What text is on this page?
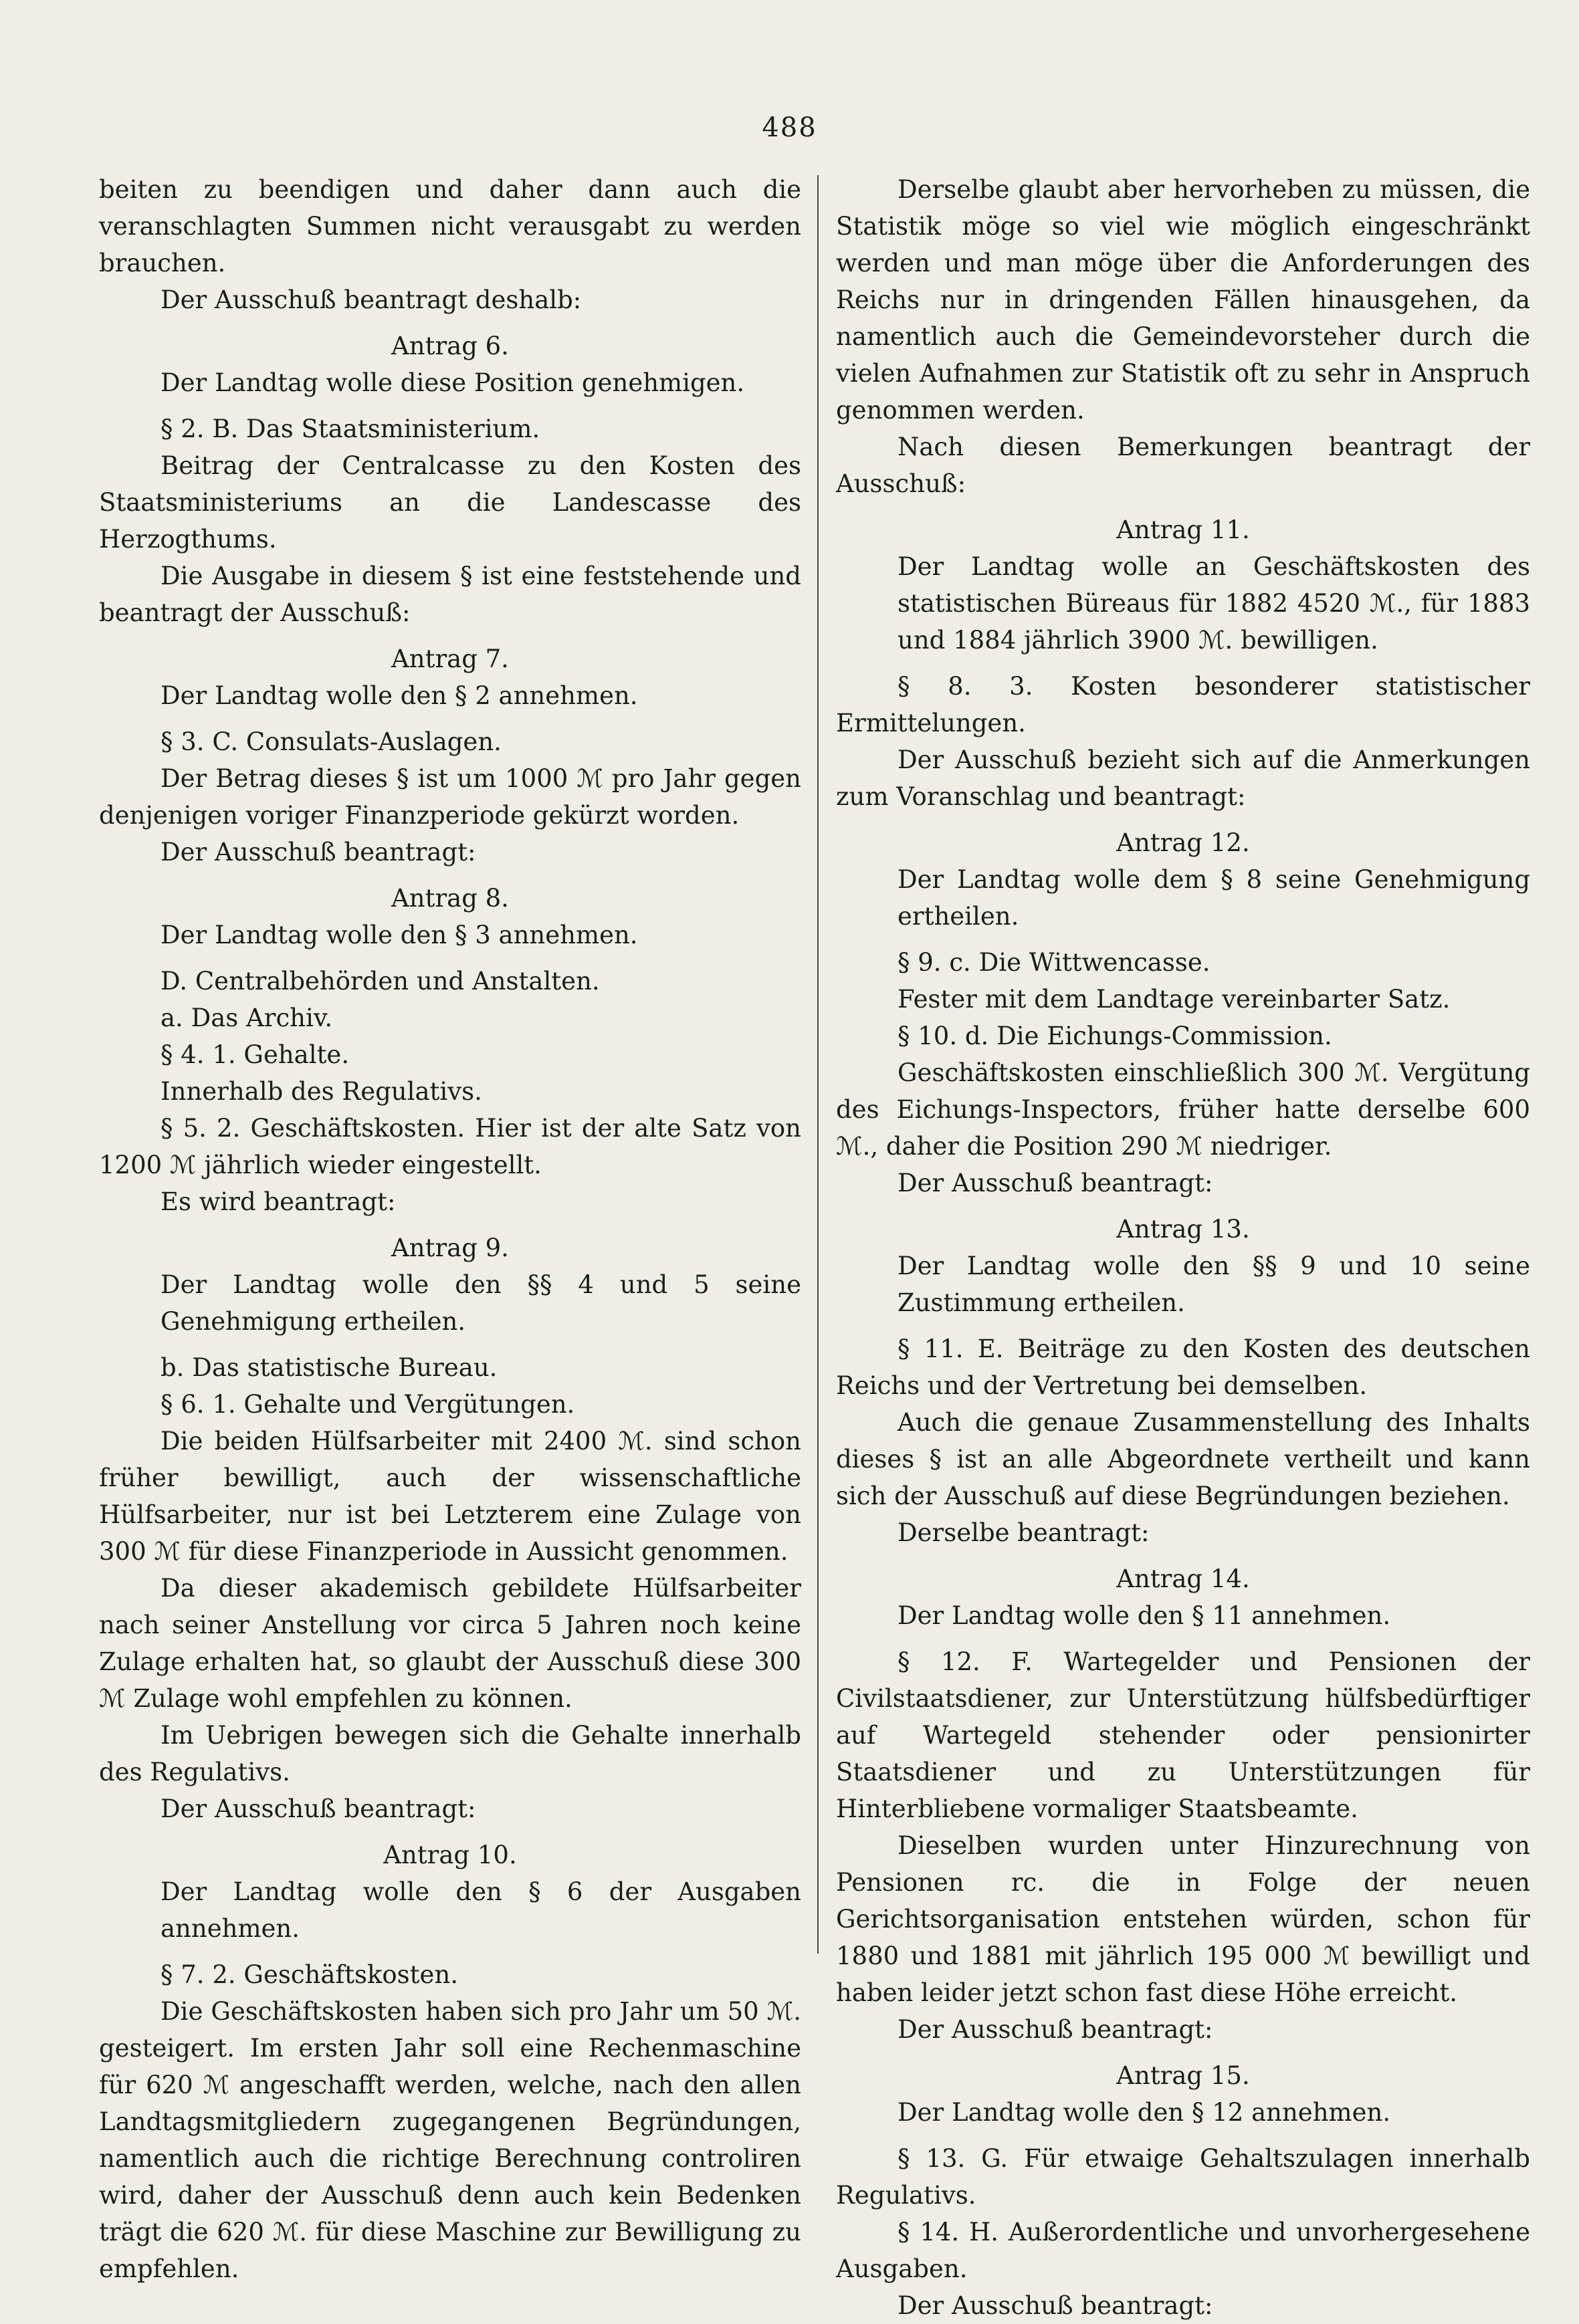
488

beiten zu beendigen und daher dann auch die veranschlagten Summen nicht verausgabt zu werden brauchen.

Der Ausschuß beantragt deshalb:

Antrag 6.
Der Landtag wolle diese Position genehmigen.

§ 2. B. Das Staatsministerium.

Beitrag der Centralcasse zu den Kosten des Staatsministeriums an die Landescasse des Herzogthums.

Die Ausgabe in diesem § ist eine feststehende und beantragt der Ausschuß:

Antrag 7.
Der Landtag wolle den § 2 annehmen.

§ 3. C. Consulats-Auslagen.

Der Betrag dieses § ist um 1000 ℳ pro Jahr gegen denjenigen voriger Finanzperiode gekürzt worden.

Der Ausschuß beantragt:

Antrag 8.
Der Landtag wolle den § 3 annehmen.

D. Centralbehörden und Anstalten.

a. Das Archiv.

§ 4. 1. Gehalte.

Innerhalb des Regulativs.

§ 5. 2. Geschäftskosten. Hier ist der alte Satz von 1200 ℳ jährlich wieder eingestellt.

Es wird beantragt:

Antrag 9.
Der Landtag wolle den §§ 4 und 5 seine Genehmigung ertheilen.

b. Das statistische Bureau.

§ 6. 1. Gehalte und Vergütungen.

Die beiden Hülfsarbeiter mit 2400 ℳ. sind schon früher bewilligt, auch der wissenschaftliche Hülfsarbeiter, nur ist bei Letzterem eine Zulage von 300 ℳ für diese Finanzperiode in Aussicht genommen.

Da dieser akademisch gebildete Hülfsarbeiter nach seiner Anstellung vor circa 5 Jahren noch keine Zulage erhalten hat, so glaubt der Ausschuß diese 300 ℳ Zulage wohl empfehlen zu können.

Im Uebrigen bewegen sich die Gehalte innerhalb des Regulativs.

Der Ausschuß beantragt:

Antrag 10.
Der Landtag wolle den § 6 der Ausgaben annehmen.

§ 7. 2. Geschäftskosten.

Die Geschäftskosten haben sich pro Jahr um 50 ℳ. gesteigert. Im ersten Jahr soll eine Rechenmaschine für 620 ℳ angeschafft werden, welche, nach den allen Landtagsmitgliedern zugegangenen Begründungen, namentlich auch die richtige Berechnung controliren wird, daher der Ausschuß denn auch kein Bedenken trägt die 620 ℳ. für diese Maschine zur Bewilligung zu empfehlen.

Derselbe glaubt aber hervorheben zu müssen, die Statistik möge so viel wie möglich eingeschränkt werden und man möge über die Anforderungen des Reichs nur in dringenden Fällen hinausgehen, da namentlich auch die Gemeindevorsteher durch die vielen Aufnahmen zur Statistik oft zu sehr in Anspruch genommen werden.

Nach diesen Bemerkungen beantragt der Ausschuß:

Antrag 11.
Der Landtag wolle an Geschäftskosten des statistischen Büreaus für 1882 4520 ℳ., für 1883 und 1884 jährlich 3900 ℳ. bewilligen.

§ 8. 3. Kosten besonderer statistischer Ermittelungen.

Der Ausschuß bezieht sich auf die Anmerkungen zum Voranschlag und beantragt:

Antrag 12.
Der Landtag wolle dem § 8 seine Genehmigung ertheilen.

§ 9. c. Die Wittwencasse.

Fester mit dem Landtage vereinbarter Satz.

§ 10. d. Die Eichungs-Commission.

Geschäftskosten einschließlich 300 ℳ. Vergütung des Eichungs-Inspectors, früher hatte derselbe 600 ℳ., daher die Position 290 ℳ niedriger.

Der Ausschuß beantragt:

Antrag 13.
Der Landtag wolle den §§ 9 und 10 seine Zustimmung ertheilen.

§ 11. E. Beiträge zu den Kosten des deutschen Reichs und der Vertretung bei demselben.

Auch die genaue Zusammenstellung des Inhalts dieses § ist an alle Abgeordnete vertheilt und kann sich der Ausschuß auf diese Begründungen beziehen.

Derselbe beantragt:

Antrag 14.
Der Landtag wolle den § 11 annehmen.

§ 12. F. Wartegelder und Pensionen der Civilstaatsdiener, zur Unterstützung hülfsbedürftiger auf Wartegeld stehender oder pensionirter Staatsdiener und zu Unterstützungen für Hinterbliebene vormaliger Staatsbeamte.

Dieselben wurden unter Hinzurechnung von Pensionen rc. die in Folge der neuen Gerichtsorganisation entstehen würden, schon für 1880 und 1881 mit jährlich 195 000 ℳ bewilligt und haben leider jetzt schon fast diese Höhe erreicht.

Der Ausschuß beantragt:

Antrag 15.
Der Landtag wolle den § 12 annehmen.

§ 13. G. Für etwaige Gehaltszulagen innerhalb Regulativs.

§ 14. H. Außerordentliche und unvorhergesehene Ausgaben.

Der Ausschuß beantragt:
